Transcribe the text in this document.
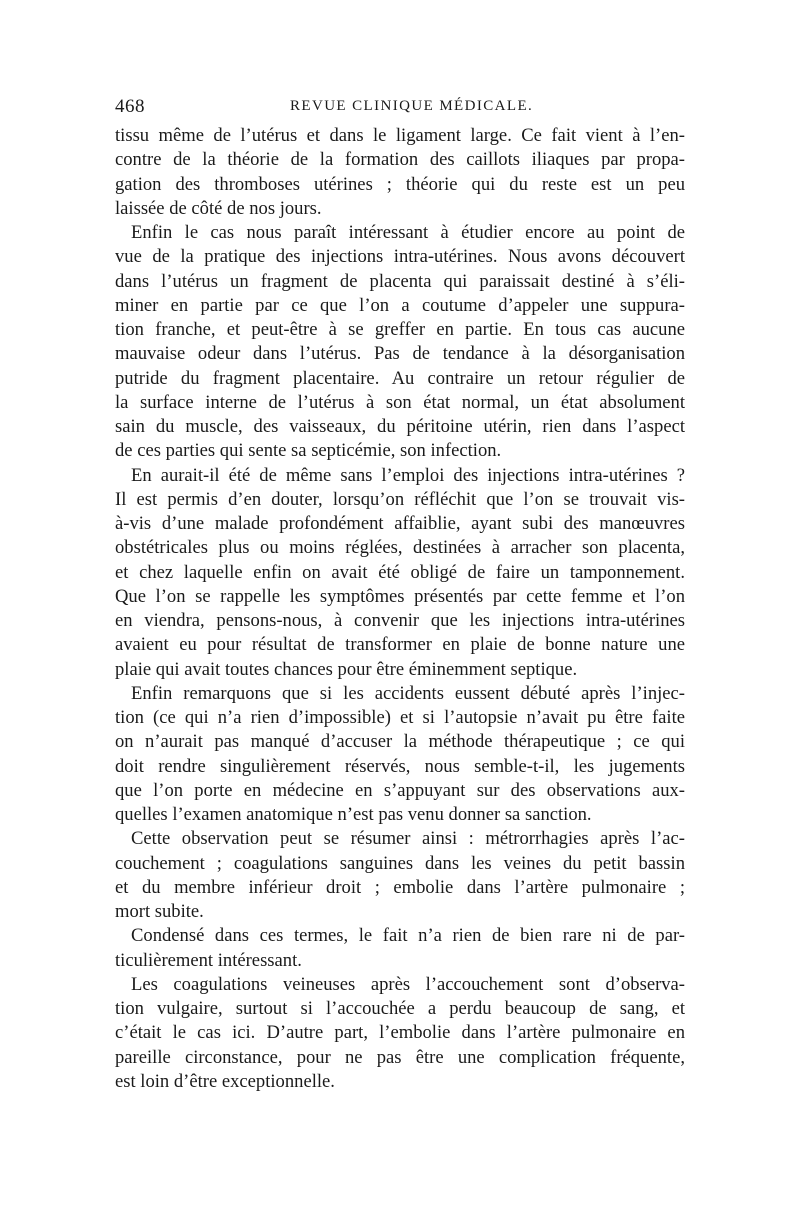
468	REVUE CLINIQUE MÉDICALE.

tissu même de l’utérus et dans le ligament large. Ce fait vient à l’en-

contre de la théorie de la formation des caillots iliaques par propa-

gation des thromboses utérines ; théorie qui du reste est un peu

laissée de côté de nos jours.

Enfin le cas nous paraît intéressant à étudier encore au point de

vue de la pratique des injections intra-utérines. Nous avons découvert

dans l’utérus un fragment de placenta qui paraissait destiné à s’éli-

miner en partie par ce que l’on a coutume d’appeler une suppura-

tion franche, et peut-être à se greffer en partie. En tous cas aucune

mauvaise odeur dans l’utérus. Pas de tendance à la désorganisation

putride du fragment placentaire. Au contraire un retour régulier de

la surface interne de l’utérus à son état normal, un état absolument

sain du muscle, des vaisseaux, du péritoine utérin, rien dans l’aspect

de ces parties qui sente sa septicémie, son infection.

En aurait-il été de même sans l’emploi des injections intra-utérines ?

Il est permis d’en douter, lorsqu’on réfléchit que l’on se trouvait vis-

à-vis d’une malade profondément affaiblie, ayant subi des manœuvres

obstétricales plus ou moins réglées, destinées à arracher son placenta,

et chez laquelle enfin on avait été obligé de faire un tamponnement.

Que l’on se rappelle les symptômes présentés par cette femme et l’on

en viendra, pensons-nous, à convenir que les injections intra-utérines

avaient eu pour résultat de transformer en plaie de bonne nature une

plaie qui avait toutes chances pour être éminemment septique.

Enfin remarquons que si les accidents eussent débuté après l’injec-

tion (ce qui n’a rien d’impossible) et si l’autopsie n’avait pu être faite

on n’aurait pas manqué d’accuser la méthode thérapeutique ; ce qui

doit rendre singulièrement réservés, nous semble-t-il, les jugements

que l’on porte en médecine en s’appuyant sur des observations aux-

quelles l’examen anatomique n’est pas venu donner sa sanction.

Cette observation peut se résumer ainsi : métrorrhagies après l’ac-

couchement ; coagulations sanguines dans les veines du petit bassin

et du membre inférieur droit ; embolie dans l’artère pulmonaire ;

mort subite.

Condensé dans ces termes, le fait n’a rien de bien rare ni de par-

ticulièrement intéressant.

Les coagulations veineuses après l’accouchement sont d’observa-

tion vulgaire, surtout si l’accouchée a perdu beaucoup de sang, et

c’était le cas ici. D’autre part, l’embolie dans l’artère pulmonaire en

pareille circonstance, pour ne pas être une complication fréquente,

est loin d’être exceptionnelle.
